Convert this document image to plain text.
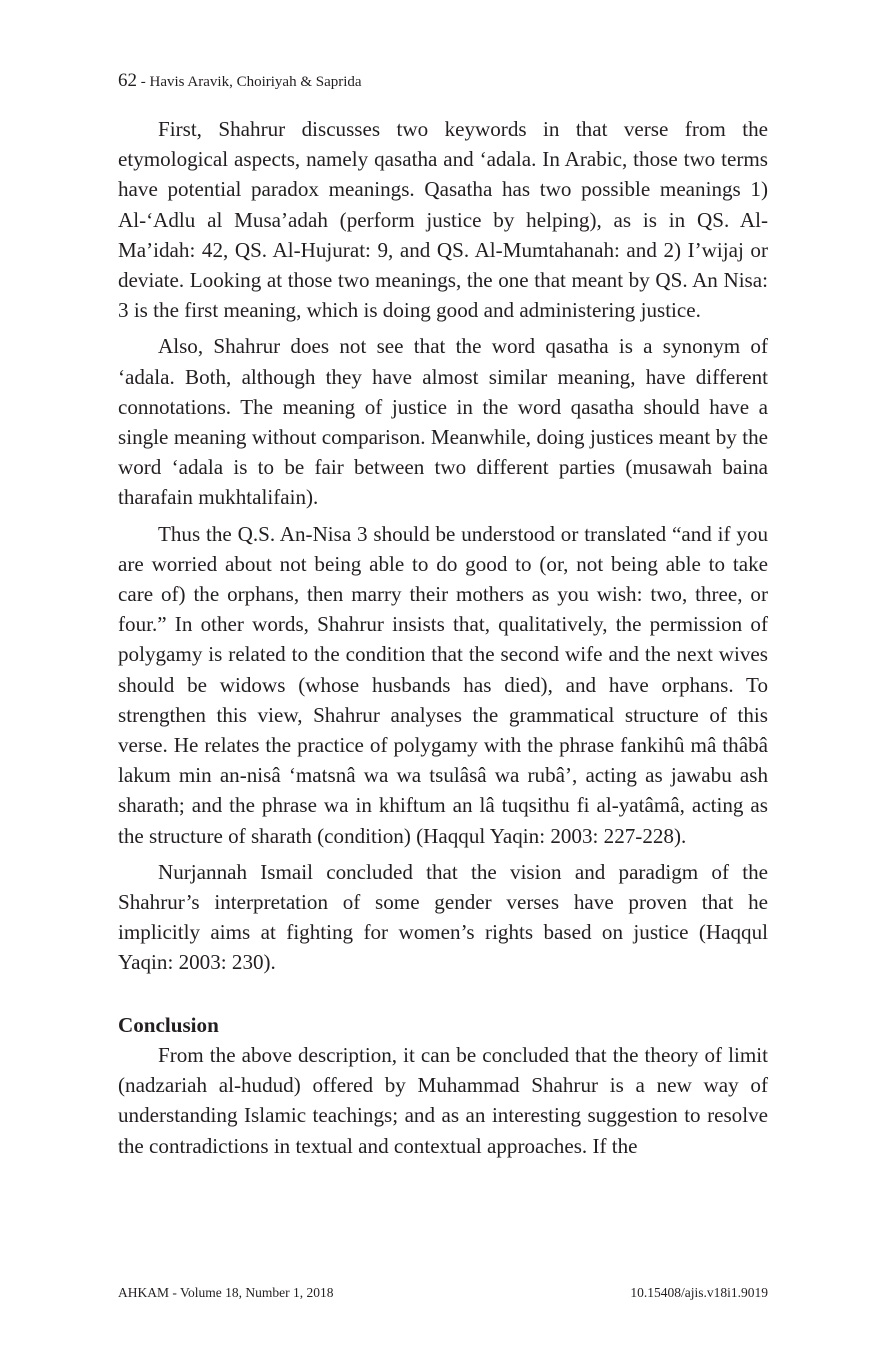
62 - Havis Aravik, Choiriyah & Saprida

First, Shahrur discusses two keywords in that verse from the etymological aspects, namely qasatha and ‘adala. In Arabic, those two terms have potential paradox meanings. Qasatha has two possible meanings 1) Al-‘Adlu al Musa’adah (perform justice by helping), as is in QS. Al-Ma’idah: 42, QS. Al-Hujurat: 9, and QS. Al-Mumtahanah: and 2) I’wijaj or deviate. Looking at those two meanings, the one that meant by QS. An Nisa: 3 is the first meaning, which is doing good and administering justice.

Also, Shahrur does not see that the word qasatha is a synonym of ‘adala. Both, although they have almost similar meaning, have different connotations. The meaning of justice in the word qasatha should have a single meaning without comparison. Meanwhile, doing justices meant by the word ‘adala is to be fair between two different parties (musawah baina tharafain mukhtalifain).

Thus the Q.S. An-Nisa 3 should be understood or translated “and if you are worried about not being able to do good to (or, not being able to take care of) the orphans, then marry their mothers as you wish: two, three, or four.” In other words, Shahrur insists that, qualitatively, the permission of polygamy is related to the condition that the second wife and the next wives should be widows (whose husbands has died), and have orphans. To strengthen this view, Shahrur analyses the grammatical structure of this verse. He relates the practice of polygamy with the phrase fankihû mâ thâbâ lakum min an-nisâ ‘matsnâ wa wa tsulâsâ wa rubâ’, acting as jawabu ash sharath; and the phrase wa in khiftum an lâ tuqsithu fi al-yatâmâ, acting as the structure of sharath (condition) (Haqqul Yaqin: 2003: 227-228).

Nurjannah Ismail concluded that the vision and paradigm of the Shahrur’s interpretation of some gender verses have proven that he implicitly aims at fighting for women’s rights based on justice (Haqqul Yaqin: 2003: 230).

Conclusion

From the above description, it can be concluded that the theory of limit (nadzariah al-hudud) offered by Muhammad Shahrur is a new way of understanding Islamic teachings; and as an interesting suggestion to resolve the contradictions in textual and contextual approaches. If the

AHKAM - Volume 18, Number 1, 2018	10.15408/ajis.v18i1.9019
